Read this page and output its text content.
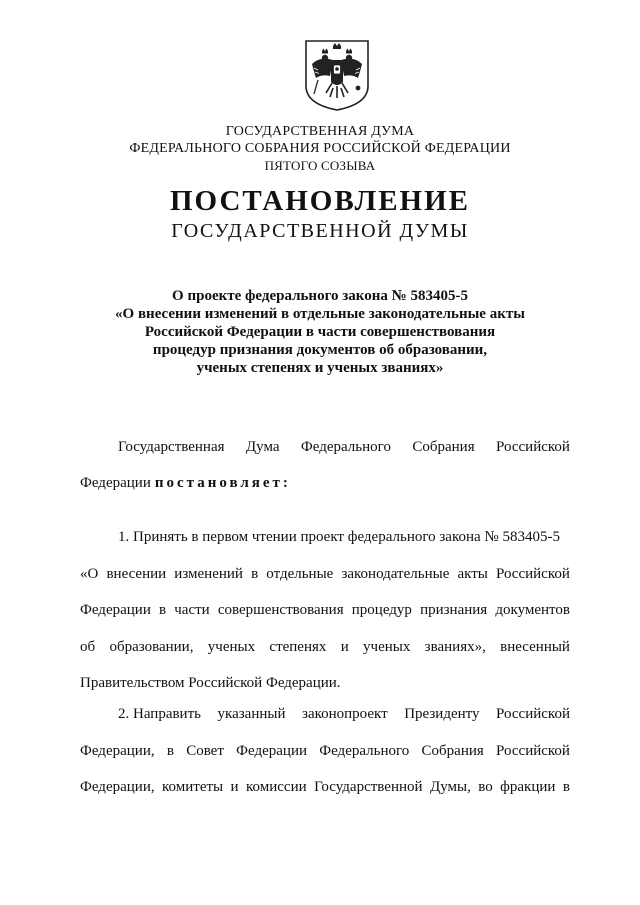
ГОСУДАРСТВЕННАЯ ДУМА
ФЕДЕРАЛЬНОГО СОБРАНИЯ РОССИЙСКОЙ ФЕДЕРАЦИИ
ПЯТОГО СОЗЫВА
ПОСТАНОВЛЕНИЕ
ГОСУДАРСТВЕННОЙ ДУМЫ
О проекте федерального закона № 583405-5
«О внесении изменений в отдельные законодательные акты
Российской Федерации в части совершенствования
процедур признания документов об образовании,
ученых степенях и ученых званиях»
Государственная Дума Федерального Собрания Российской
Федерации постановляет:
1. Принять в первом чтении проект федерального закона № 583405-5
«О внесении изменений в отдельные законодательные акты Российской
Федерации в части совершенствования процедур признания документов
об образовании, ученых степенях и ученых званиях», внесенный
Правительством Российской Федерации.
2. Направить указанный законопроект Президенту Российской
Федерации, в Совет Федерации Федерального Собрания Российской
Федерации, комитеты и комиссии Государственной Думы, во фракции в
